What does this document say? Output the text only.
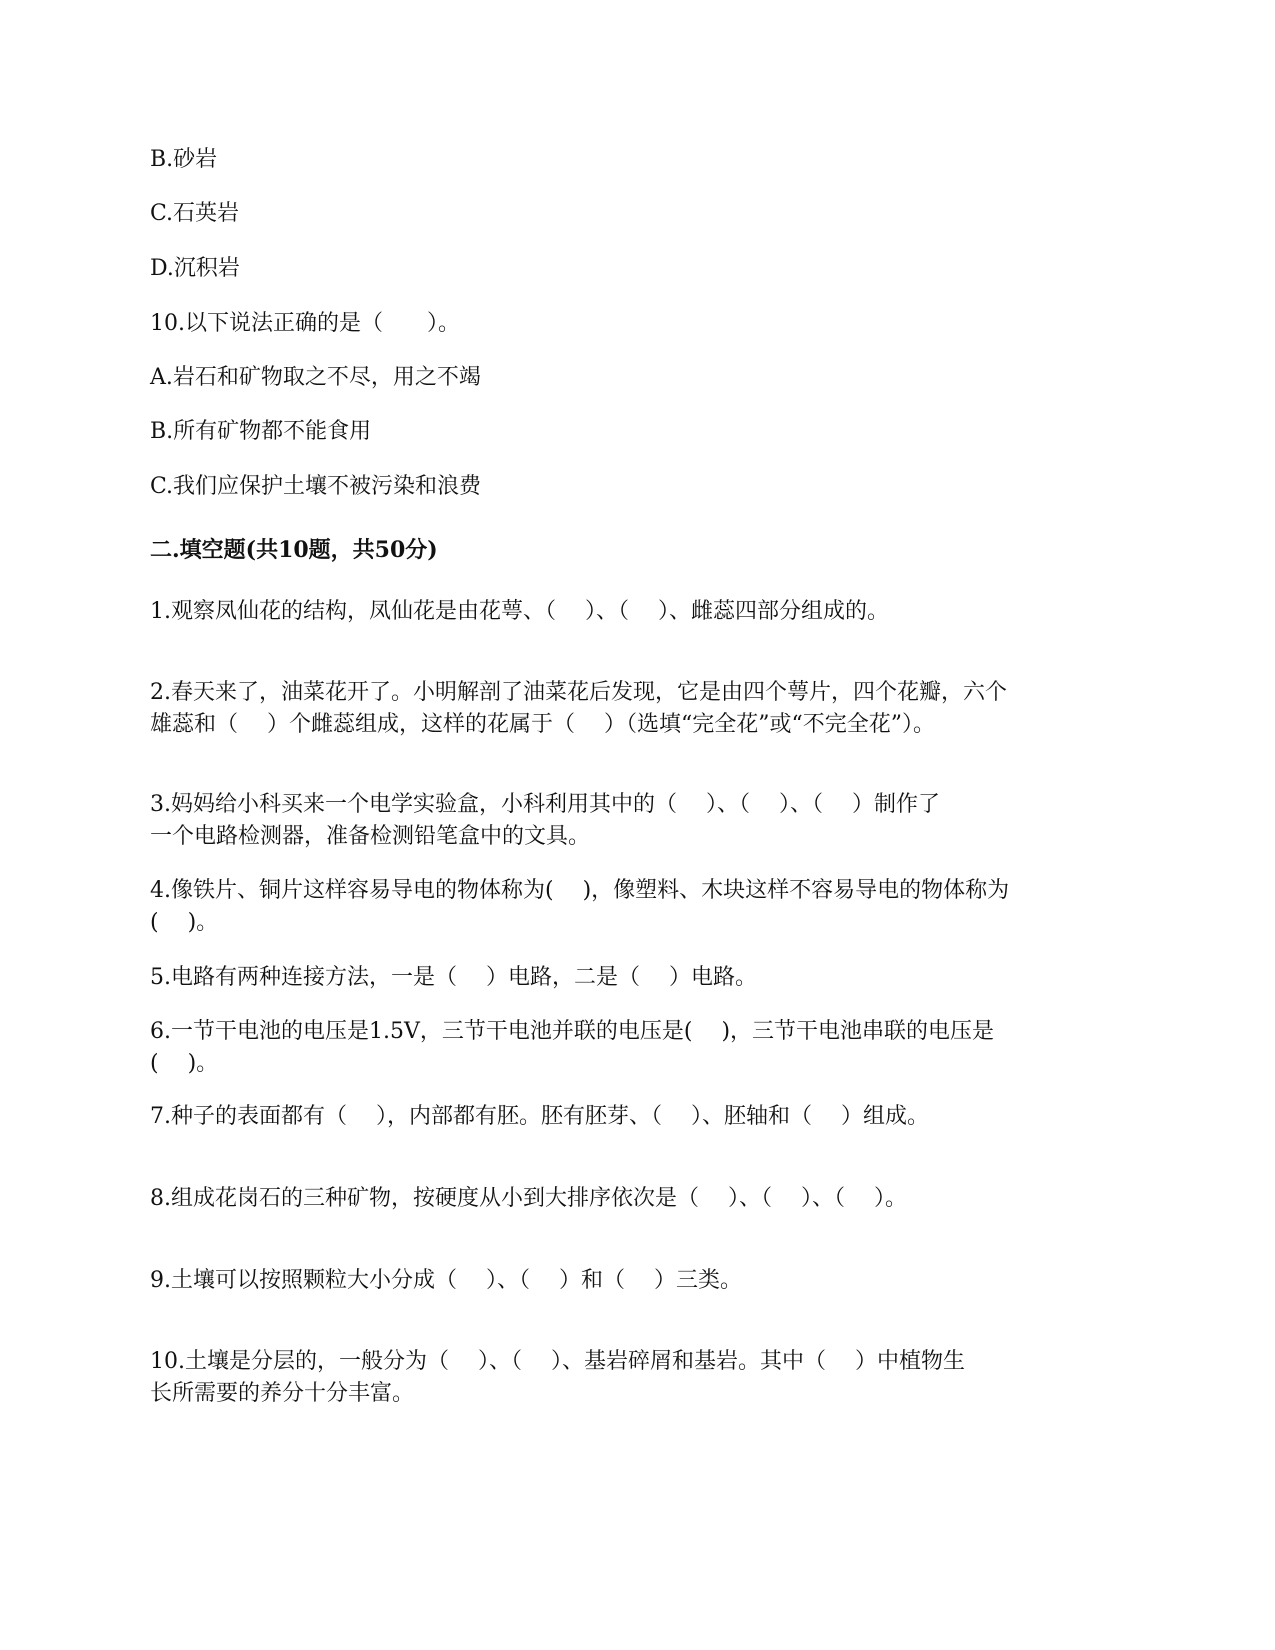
B.砂岩
C.石英岩
D.沉积岩
10.以下说法正确的是（　　）。
A.岩石和矿物取之不尽，用之不竭
B.所有矿物都不能食用
C.我们应保护土壤不被污染和浪费
二.填空题(共10题，共50分)
1.观察凤仙花的结构，凤仙花是由花萼、（　 ）、（　 ）、雌蕊四部分组成的。
2.春天来了，油菜花开了。小明解剖了油菜花后发现，它是由四个萼片，四个花瓣，六个
雄蕊和（　 ）个雌蕊组成，这样的花属于（　 ）（选填“完全花”或“不完全花”）。
3.妈妈给小科买来一个电学实验盒，小科利用其中的（　 ）、（　 ）、（　 ）制作了
一个电路检测器，准备检测铅笔盒中的文具。
4.像铁片、铜片这样容易导电的物体称为(　 )，像塑料、木块这样不容易导电的物体称为
(　 )。
5.电路有两种连接方法，一是（　 ）电路，二是（　 ）电路。
6.一节干电池的电压是1.5V，三节干电池并联的电压是(　 )，三节干电池串联的电压是
(　 )。
7.种子的表面都有（　 ），内部都有胚。胚有胚芽、（　 ）、胚轴和（　 ）组成。
8.组成花岗石的三种矿物，按硬度从小到大排序依次是（　 ）、（　 ）、（　 ）。
9.土壤可以按照颗粒大小分成（　 ）、（　 ）和（　 ）三类。
10.土壤是分层的，一般分为（　 ）、（　 ）、基岩碎屑和基岩。其中（　 ）中植物生
长所需要的养分十分丰富。
